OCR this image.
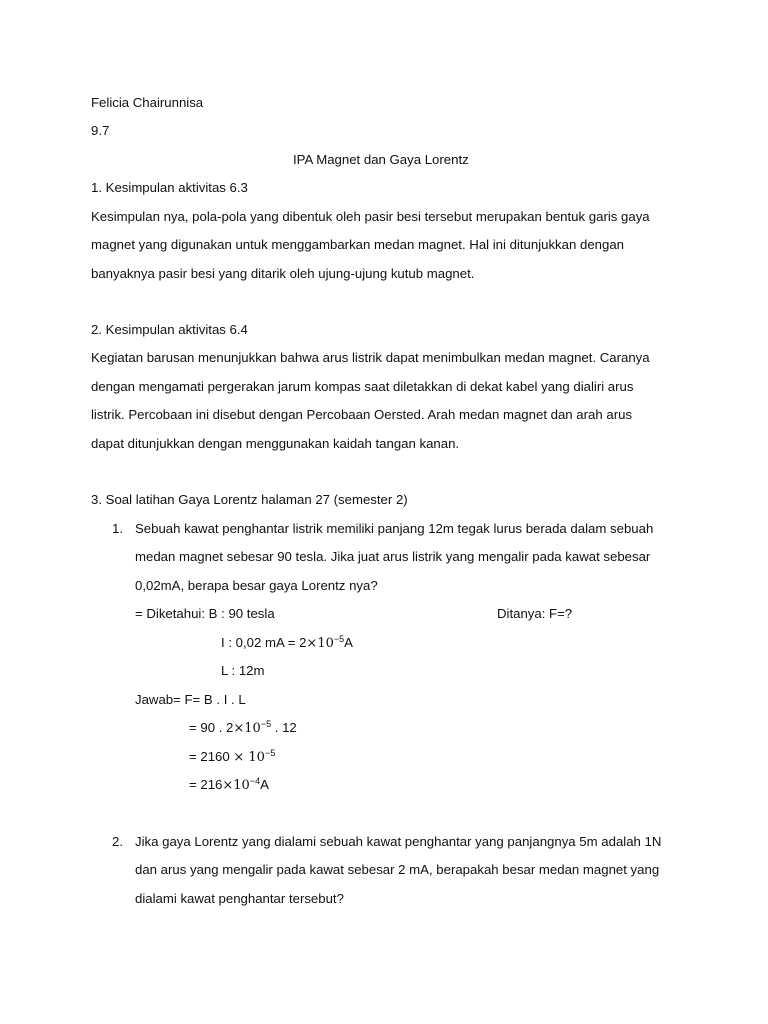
Felicia Chairunnisa
9.7
IPA Magnet dan Gaya Lorentz
1. Kesimpulan aktivitas 6.3
Kesimpulan nya, pola-pola yang dibentuk oleh pasir besi tersebut merupakan bentuk garis gaya
magnet yang digunakan untuk menggambarkan medan magnet. Hal ini ditunjukkan dengan
banyaknya pasir besi yang ditarik oleh ujung-ujung kutub magnet.
2. Kesimpulan aktivitas 6.4
Kegiatan barusan menunjukkan bahwa arus listrik dapat menimbulkan medan magnet. Caranya
dengan mengamati pergerakan jarum kompas saat diletakkan di dekat kabel yang dialiri arus
listrik. Percobaan ini disebut dengan Percobaan Oersted. Arah medan magnet dan arah arus
dapat ditunjukkan dengan menggunakan kaidah tangan kanan.
3. Soal latihan Gaya Lorentz halaman 27 (semester 2)
1. Sebuah kawat penghantar listrik memiliki panjang 12m tegak lurus berada dalam sebuah
medan magnet sebesar 90 tesla. Jika juat arus listrik yang mengalir pada kawat sebesar
0,02mA, berapa besar gaya Lorentz nya?
= Diketahui: B : 90 tesla	Ditanya: F=?
I : 0,02 mA = $2\times 10^{-5}A$
L : 12m
Jawab= F= B . I . L
= 90 . $2\times 10^{-5}$ . 12
= $2160 \times 10^{-5}$
= $216\times 10^{-4}A$
2. Jika gaya Lorentz yang dialami sebuah kawat penghantar yang panjangnya 5m adalah 1N
dan arus yang mengalir pada kawat sebesar 2 mA, berapakah besar medan magnet yang
dialami kawat penghantar tersebut?
